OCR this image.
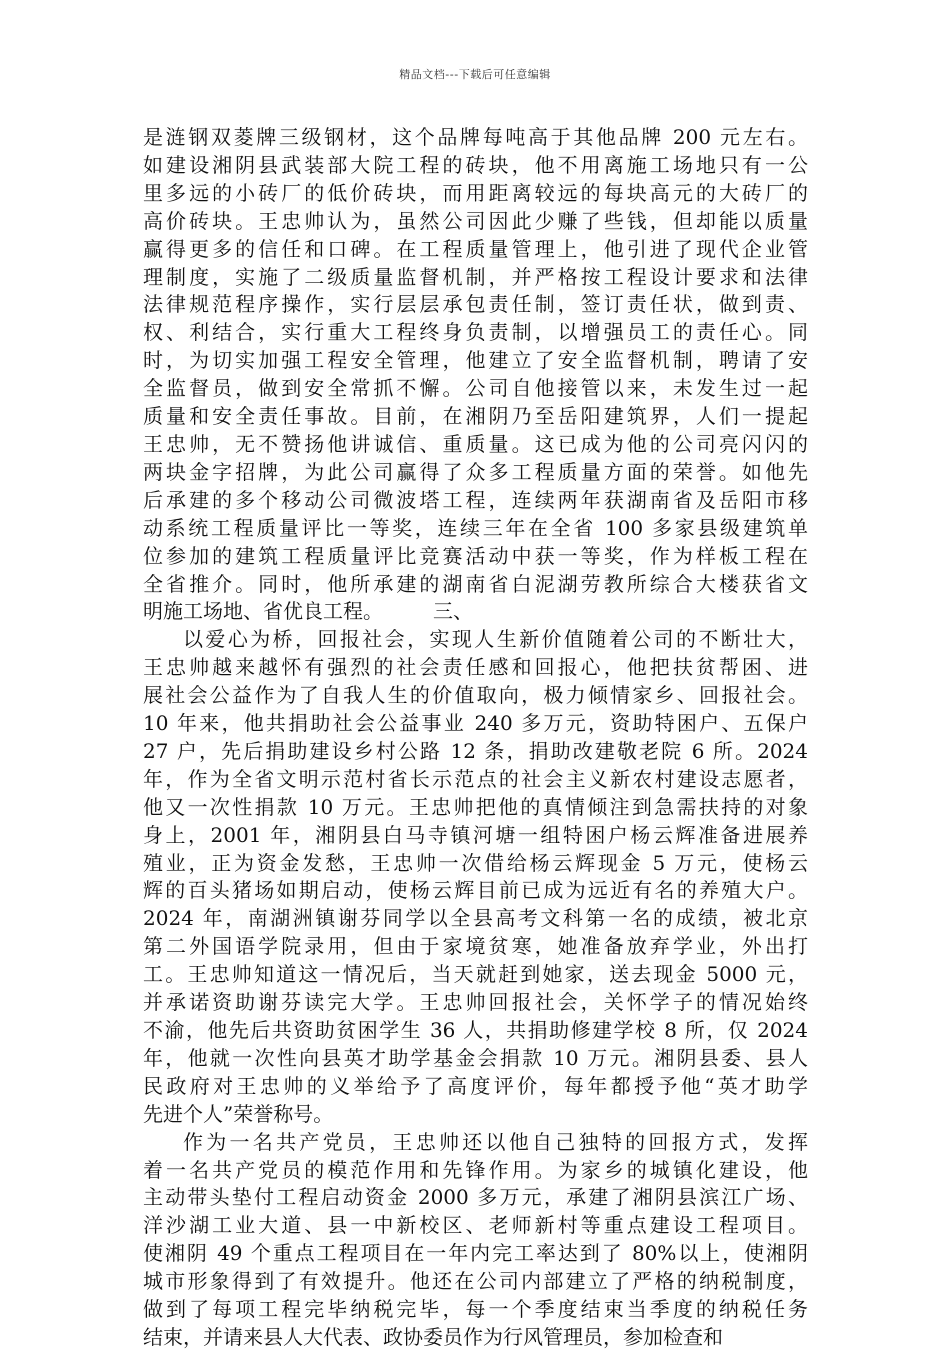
精品文档---下载后可任意编辑
是涟钢双菱牌三级钢材，这个品牌每吨高于其他品牌 200 元左右。
如建设湘阴县武装部大院工程的砖块，他不用离施工场地只有一公
里多远的小砖厂的低价砖块，而用距离较远的每块高元的大砖厂的
高价砖块。王忠帅认为，虽然公司因此少赚了些钱，但却能以质量
赢得更多的信任和口碑。在工程质量管理上，他引进了现代企业管
理制度，实施了二级质量监督机制，并严格按工程设计要求和法律
法律规范程序操作，实行层层承包责任制，签订责任状，做到责、
权、利结合，实行重大工程终身负责制，以增强员工的责任心。同
时，为切实加强工程安全管理，他建立了安全监督机制，聘请了安
全监督员，做到安全常抓不懈。公司自他接管以来，未发生过一起
质量和安全责任事故。目前，在湘阴乃至岳阳建筑界，人们一提起
王忠帅，无不赞扬他讲诚信、重质量。这已成为他的公司亮闪闪的
两块金字招牌，为此公司赢得了众多工程质量方面的荣誉。如他先
后承建的多个移动公司微波塔工程，连续两年获湖南省及岳阳市移
动系统工程质量评比一等奖，连续三年在全省 100 多家县级建筑单
位参加的建筑工程质量评比竞赛活动中获一等奖，作为样板工程在
全省推介。同时，他所承建的湖南省白泥湖劳教所综合大楼获省文
明施工场地、省优良工程。　　　三、
以爱心为桥，回报社会，实现人生新价值随着公司的不断壮大，
王忠帅越来越怀有强烈的社会责任感和回报心，他把扶贫帮困、进
展社会公益作为了自我人生的价值取向，极力倾情家乡、回报社会。
10 年来，他共捐助社会公益事业 240 多万元，资助特困户、五保户
27 户，先后捐助建设乡村公路 12 条，捐助改建敬老院 6 所。2024
年，作为全省文明示范村省长示范点的社会主义新农村建设志愿者，
他又一次性捐款 10 万元。王忠帅把他的真情倾注到急需扶持的对象
身上，2001 年，湘阴县白马寺镇河塘一组特困户杨云辉准备进展养
殖业，正为资金发愁，王忠帅一次借给杨云辉现金 5 万元，使杨云
辉的百头猪场如期启动，使杨云辉目前已成为远近有名的养殖大户。
2024 年，南湖洲镇谢芬同学以全县高考文科第一名的成绩，被北京
第二外国语学院录用，但由于家境贫寒，她准备放弃学业，外出打
工。王忠帅知道这一情况后，当天就赶到她家，送去现金 5000 元，
并承诺资助谢芬读完大学。王忠帅回报社会，关怀学子的情况始终
不渝，他先后共资助贫困学生 36 人，共捐助修建学校 8 所，仅 2024
年，他就一次性向县英才助学基金会捐款 10 万元。湘阴县委、县人
民政府对王忠帅的义举给予了高度评价，每年都授予他“英才助学
先进个人”荣誉称号。
作为一名共产党员，王忠帅还以他自己独特的回报方式，发挥
着一名共产党员的模范作用和先锋作用。为家乡的城镇化建设，他
主动带头垫付工程启动资金 2000 多万元，承建了湘阴县滨江广场、
洋沙湖工业大道、县一中新校区、老师新村等重点建设工程项目。
使湘阴 49 个重点工程项目在一年内完工率达到了 80%以上，使湘阴
城市形象得到了有效提升。他还在公司内部建立了严格的纳税制度，
做到了每项工程完毕纳税完毕，每一个季度结束当季度的纳税任务
结束，并请来县人大代表、政协委员作为行风管理员，参加检查和
